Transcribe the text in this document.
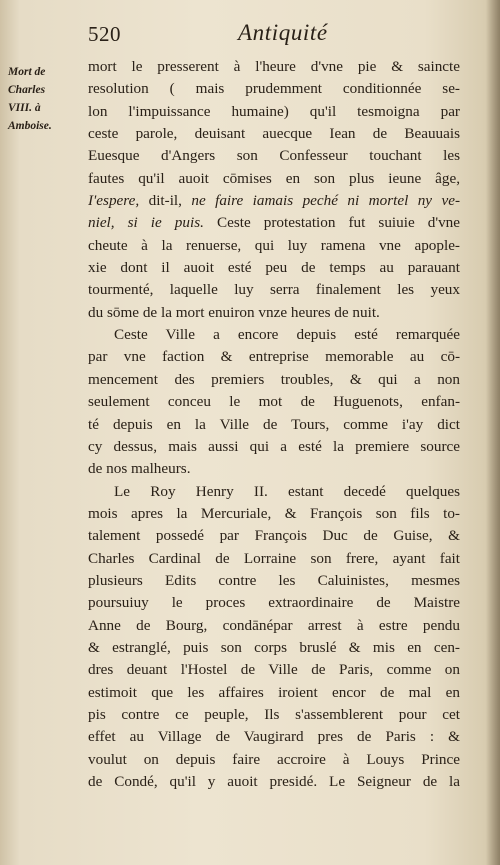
520	Antiquité
Mort de
Charles
VIII. à
Amboise.
mort le presserent à l'heure d'vne pie & saincte
resolution ( mais prudemment conditionnée se-
lon l'impuissance humaine) qu'il tesmoigna par
ceste parole, deuisant auecque Iean de Beauuais
Euesque d'Angers son Confesseur touchant les
fautes qu'il auoit cōmises en son plus ieune âge,
I'espere, dit-il, ne faire iamais peché ni mortel ny ve-
niel, si ie puis. Ceste protestation fut suiuie d'vne
cheute à la renuerse, qui luy ramena vne apople-
xie dont il auoit esté peu de temps au parauant
tourmenté, laquelle luy serra finalement les yeux
du sōme de la mort enuiron vnze heures de nuit.
Ceste Ville a encore depuis esté remarquée
par vne faction & entreprise memorable au cō-
mencement des premiers troubles, & qui a non
seulement conceu le mot de Huguenots, enfan-
té depuis en la Ville de Tours, comme i'ay dict
cy dessus, mais aussi qui a esté la premiere source
de nos malheurs.
Le Roy Henry II. estant decedé quelques
mois apres la Mercuriale, & François son fils to-
talement possedé par François Duc de Guise, &
Charles Cardinal de Lorraine son frere, ayant fait
plusieurs Edits contre les Caluinistes, mesmes
poursuiuy le proces extraordinaire de Maistre
Anne de Bourg, condānépar arrest à estre pendu
& estranglé, puis son corps bruslé & mis en cen-
dres deuant l'Hostel de Ville de Paris, comme on
estimoit que les affaires iroient encor de mal en
pis contre ce peuple, Ils s'assemblerent pour cet
effet au Village de Vaugirard pres de Paris : &
voulut on depuis faire accroire à Louys Prince
de Condé, qu'il y auoit presidé. Le Seigneur de la
